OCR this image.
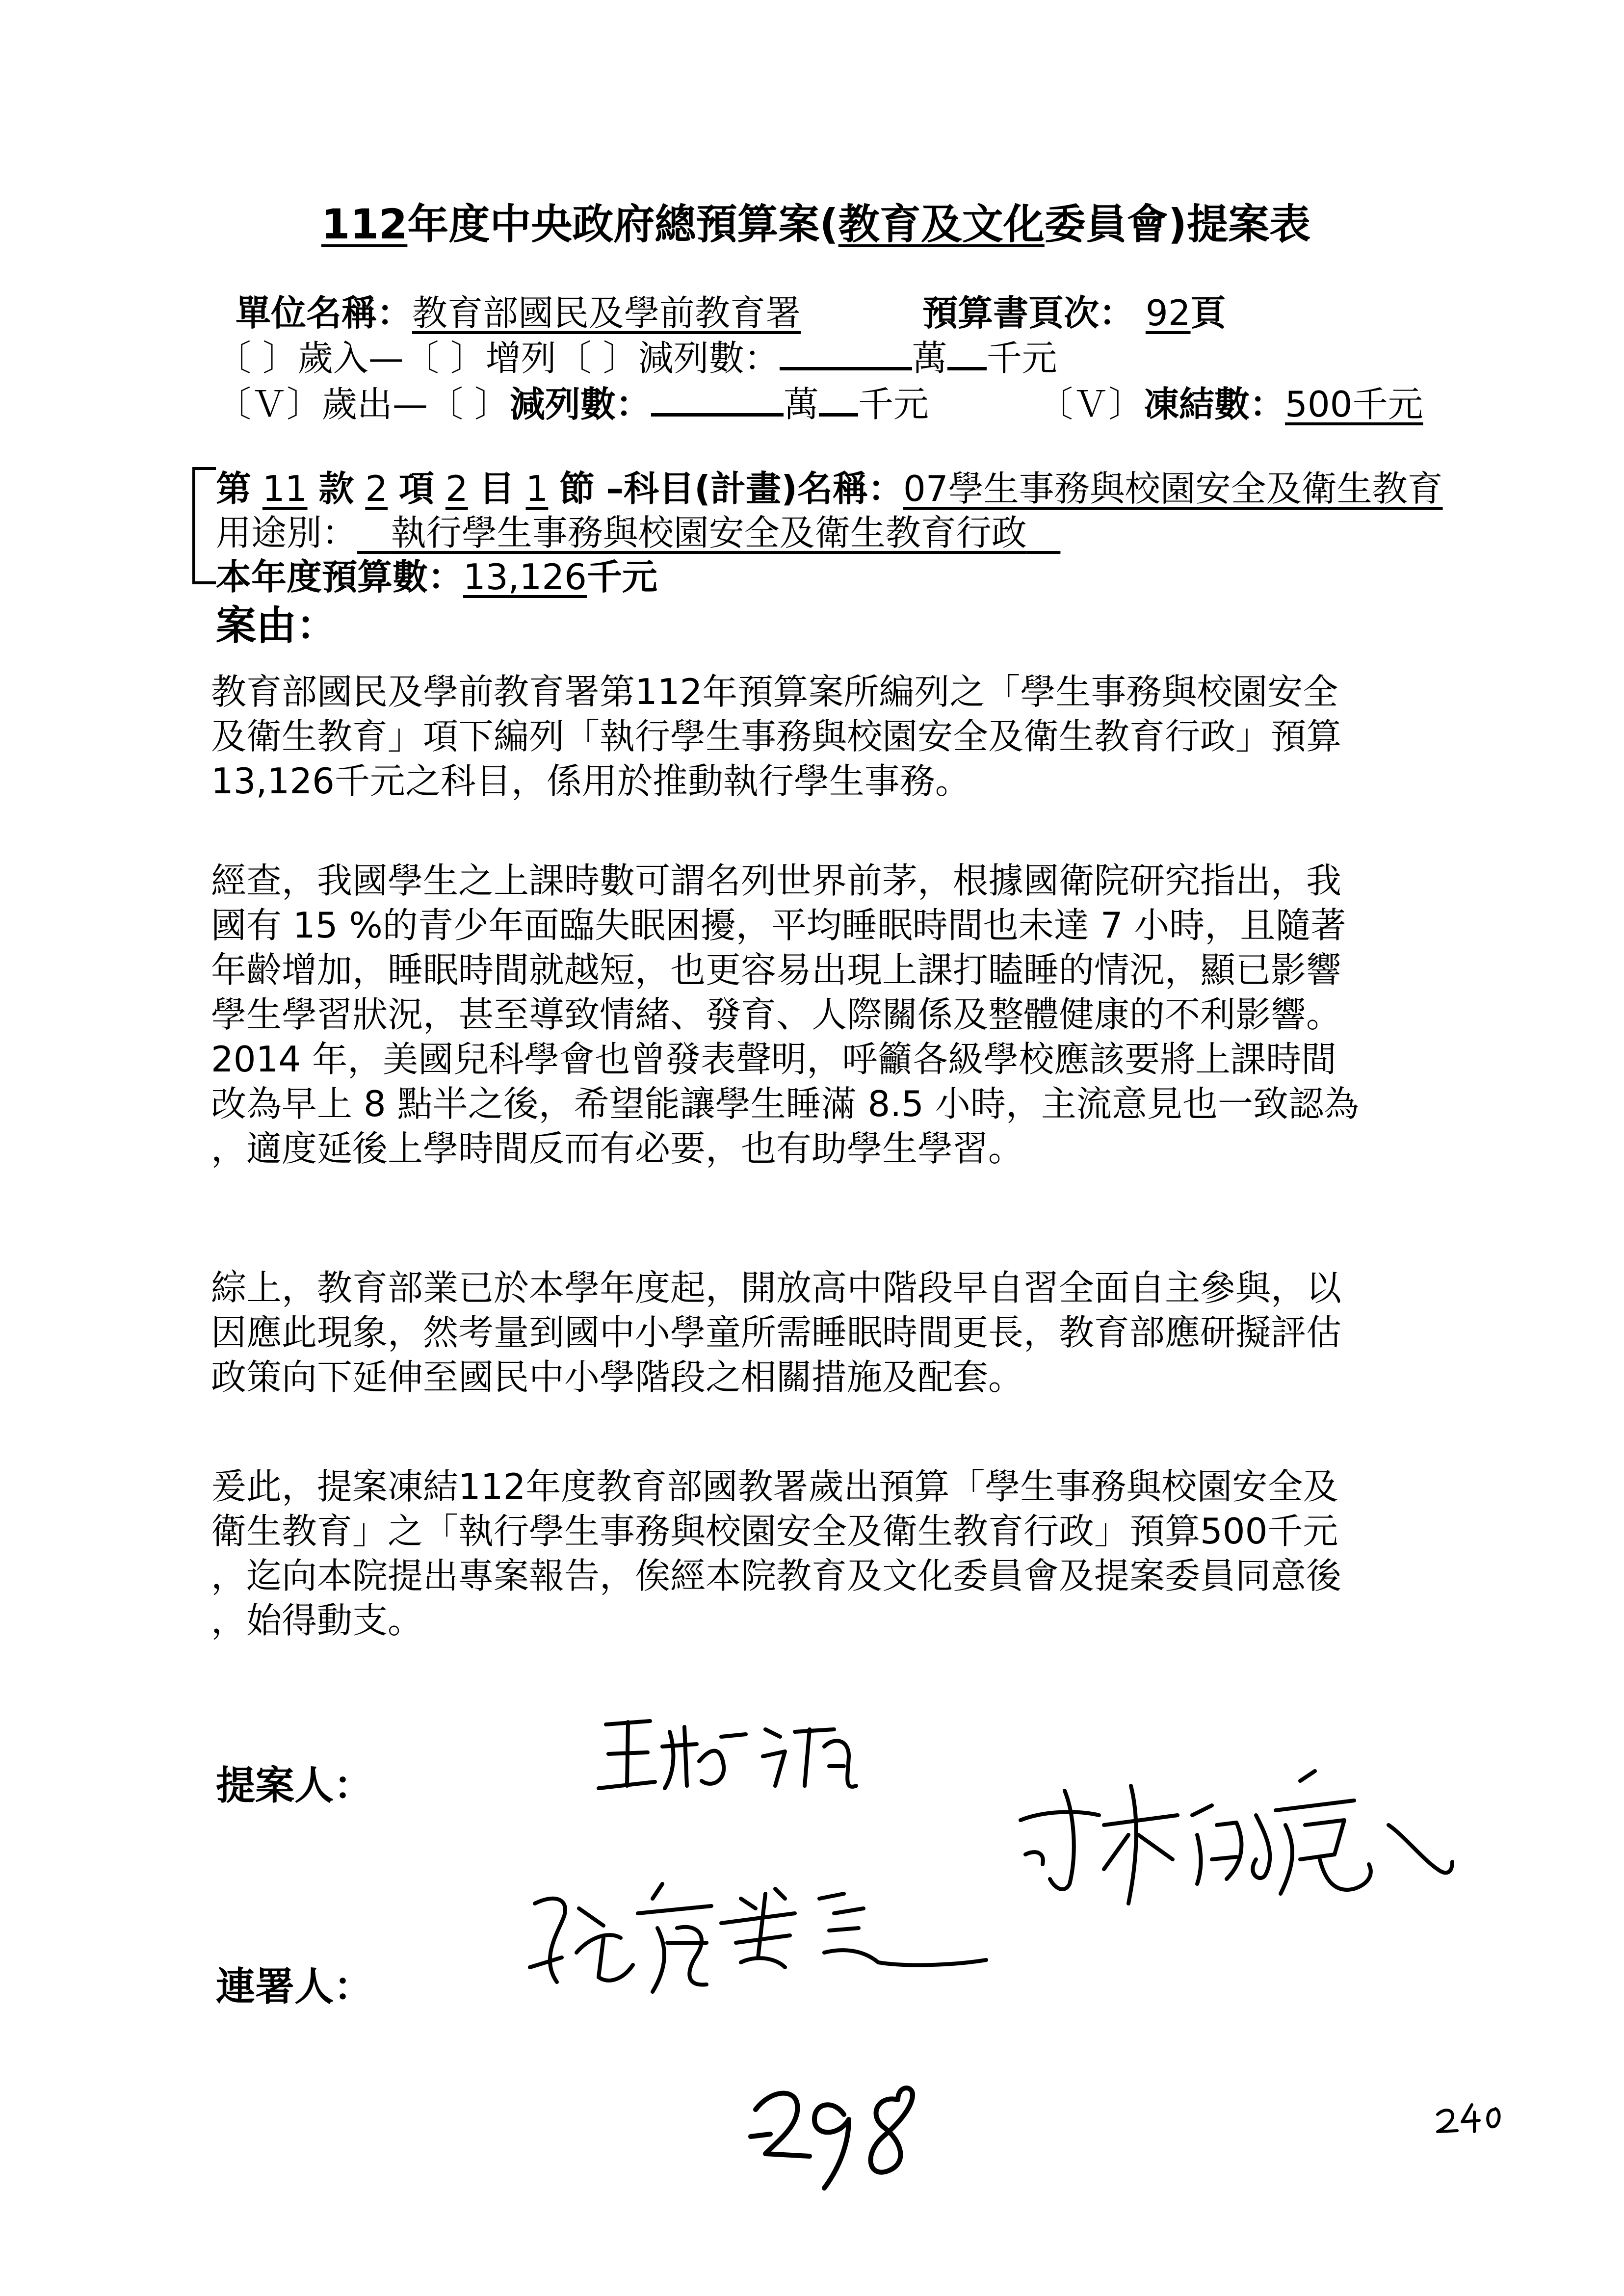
112年度中央政府總預算案(教育及文化委員會)提案表
單位名稱：教育部國民及學前教育署	預算書頁次： 92頁
〔 〕歲入—〔 〕增列〔 〕減列數：	萬 千元
〔Ｖ〕歲出—〔 〕減列數：	萬 千元	〔Ｖ〕凍結數：500千元
第 11 款 2 項 2 目 1 節 –科目(計畫)名稱：07學生事務與校園安全及衛生教育
用途別： 執行學生事務與校園安全及衛生教育行政
本年度預算數：13,126千元
案由：
教育部國民及學前教育署第112年預算案所編列之「學生事務與校園安全
及衛生教育」項下編列「執行學生事務與校園安全及衛生教育行政」預算
13,126千元之科目，係用於推動執行學生事務。
經查，我國學生之上課時數可謂名列世界前茅，根據國衛院研究指出，我
國有 15 %的青少年面臨失眠困擾，平均睡眠時間也未達 7 小時，且隨著
年齡增加，睡眠時間就越短，也更容易出現上課打瞌睡的情況，顯已影響
學生學習狀況，甚至導致情緒、發育、人際關係及整體健康的不利影響。
2014 年，美國兒科學會也曾發表聲明，呼籲各級學校應該要將上課時間
改為早上 8 點半之後，希望能讓學生睡滿 8.5 小時，主流意見也一致認為
，適度延後上學時間反而有必要，也有助學生學習。
綜上，教育部業已於本學年度起，開放高中階段早自習全面自主參與，以
因應此現象，然考量到國中小學童所需睡眠時間更長，教育部應研擬評估
政策向下延伸至國民中小學階段之相關措施及配套。
爰此，提案凍結112年度教育部國教署歲出預算「學生事務與校園安全及
衛生教育」之「執行學生事務與校園安全及衛生教育行政」預算500千元
，迄向本院提出專案報告，俟經本院教育及文化委員會及提案委員同意後
，始得動支。
提案人：
連署人：
